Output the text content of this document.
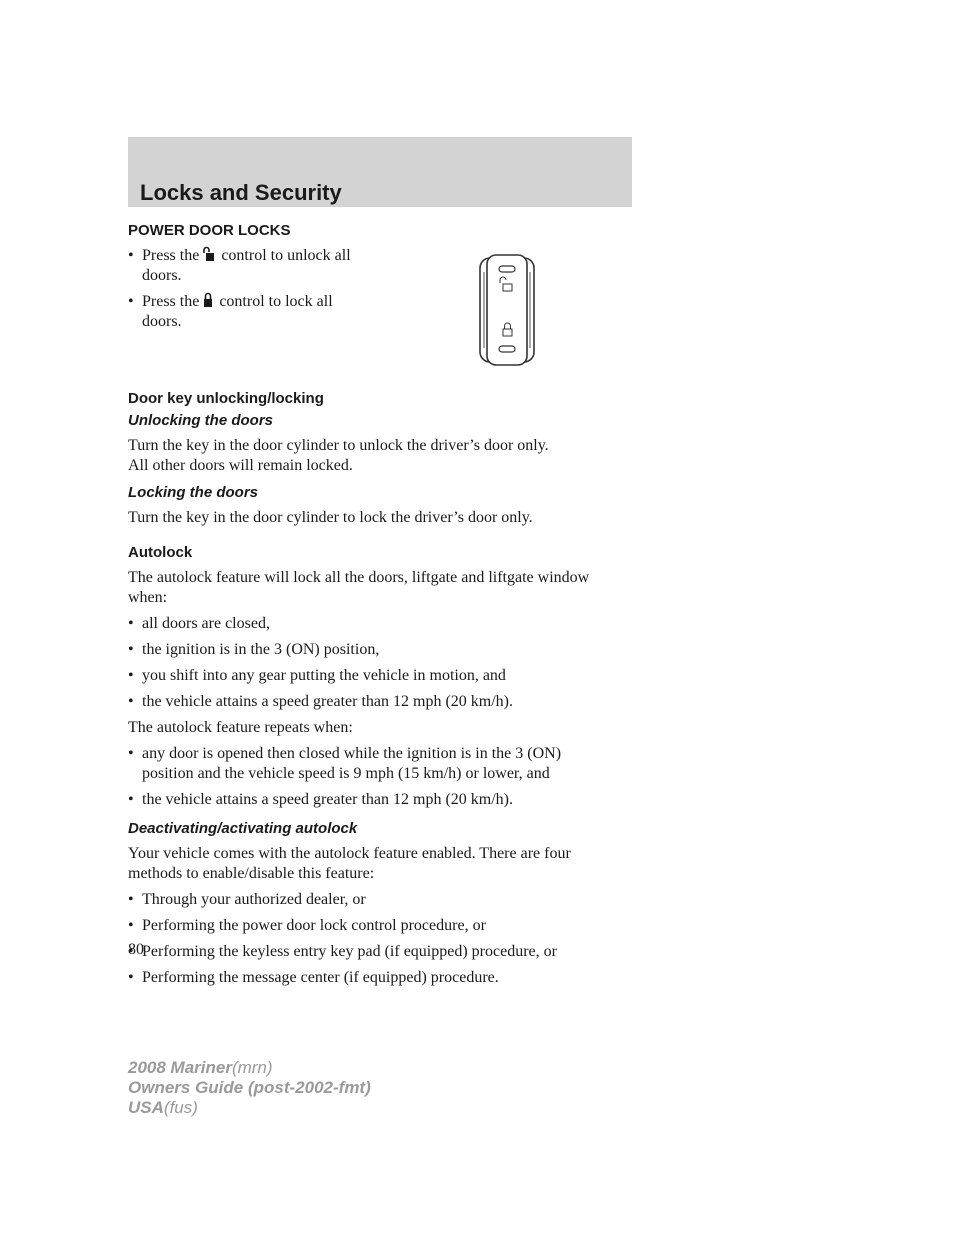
Locks and Security
POWER DOOR LOCKS
• Press the control to unlock all
doors.
• Press the control to lock all
doors.
Door key unlocking/locking
Unlocking the doors

Turn the key in the door cylinder to unlock the driver’s door only.
All other doors will remain locked.

Locking the doors

Turn the key in the door cylinder to lock the driver’s door only.

Autolock

The autolock feature will lock all the doors, liftgate and liftgate window
when:

• all doors are closed,
• the ignition is in the 3 (ON) position,
• you shift into any gear putting the vehicle in motion, and
• the vehicle attains a speed greater than 12 mph (20 km/h).

The autolock feature repeats when:

• any door is opened then closed while the ignition is in the 3 (ON)
position and the vehicle speed is 9 mph (15 km/h) or lower, and
• the vehicle attains a speed greater than 12 mph (20 km/h).
Deactivating/activating autolock

Your vehicle comes with the autolock feature enabled. There are four
methods to enable/disable this feature:

• Through your authorized dealer, or
• Performing the power door lock control procedure, or
• Performing the keyless entry key pad (if equipped) procedure, or
• Performing the message center (if equipped) procedure.

80

2008 Mariner(mrn)
Owners Guide (post-2002-fmt)
USA(fus)
